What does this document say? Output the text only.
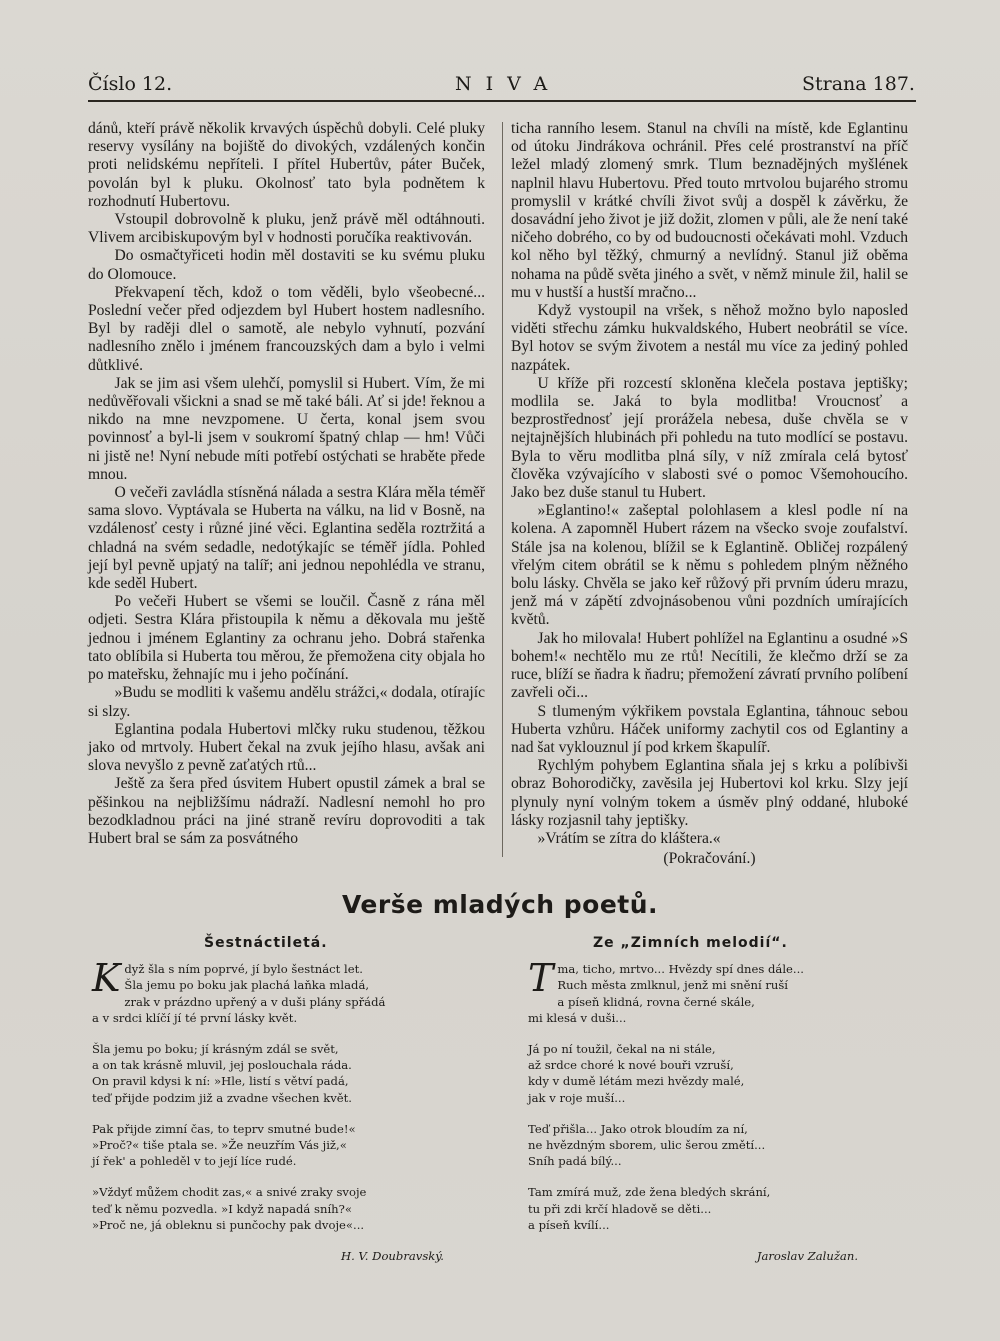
Číslo 12.	NIVA	Strana 187.

dánů, kteří právě několik krvavých úspěchů dobyli. Celé pluky reservy vysílány na bojiště do divokých, vzdálených končin proti nelidskému nepříteli. I přítel Hubertův, páter Buček, povolán byl k pluku. Okolnosť tato byla podnětem k rozhodnutí Hubertovu.

Vstoupil dobrovolně k pluku, jenž právě měl odtáhnouti. Vlivem arcibiskupovým byl v hodnosti poručíka reaktivován.

Do osmačtyřiceti hodin měl dostaviti se ku svému pluku do Olomouce.

Překvapení těch, kdož o tom věděli, bylo všeobecné... Poslední večer před odjezdem byl Hubert hostem nadlesního. Byl by raději dlel o samotě, ale nebylo vyhnutí, pozvání nadlesního znělo i jménem francouzských dam a bylo i velmi důtklivé.

Jak se jim asi všem ulehčí, pomyslil si Hubert. Vím, že mi nedůvěřovali všickni a snad se mě také báli. Ať si jde! řeknou a nikdo na mne nevzpomene. U čerta, konal jsem svou povinnosť a byl-li jsem v soukromí špatný chlap — hm! Vůči ni jistě ne! Nyní nebude míti potřebí ostýchati se hraběte přede mnou.

O večeři zavládla stísněná nálada a sestra Klára měla téměř sama slovo. Vyptávala se Huberta na válku, na lid v Bosně, na vzdálenosť cesty i různé jiné věci. Eglantina seděla roztržitá a chladná na svém sedadle, nedotýkajíc se téměř jídla. Pohled její byl pevně upjatý na talíř; ani jednou nepohlédla ve stranu, kde seděl Hubert.

Po večeři Hubert se všemi se loučil. Časně z rána měl odjeti. Sestra Klára přistoupila k němu a děkovala mu ještě jednou i jménem Eglantiny za ochranu jeho. Dobrá stařenka tato oblíbila si Huberta tou měrou, že přemožena city objala ho po mateřsku, žehnajíc mu i jeho počínání.

»Budu se modliti k vašemu andělu strážci,« dodala, otírajíc si slzy.

Eglantina podala Hubertovi mlčky ruku studenou, těžkou jako od mrtvoly. Hubert čekal na zvuk jejího hlasu, avšak ani slova nevyšlo z pevně zaťatých rtů...

Ještě za šera před úsvitem Hubert opustil zámek a bral se pěšinkou na nejbližšímu nádraží. Nadlesní nemohl ho pro bezodkladnou práci na jiné straně revíru doprovoditi a tak Hubert bral se sám za posvátného

ticha ranního lesem. Stanul na chvíli na místě, kde Eglantinu od útoku Jindrákova ochránil. Přes celé prostranství na příč ležel mladý zlomený smrk. Tlum beznadějných myšlének naplnil hlavu Hubertovu. Před touto mrtvolou bujarého stromu promyslil v krátké chvíli život svůj a dospěl k závěrku, že dosavádní jeho život je již dožit, zlomen v půli, ale že není také ničeho dobrého, co by od budoucnosti očekávati mohl. Vzduch kol něho byl těžký, chmurný a nevlídný. Stanul již oběma nohama na půdě světa jiného a svět, v němž minule žil, halil se mu v hustší a hustší mračno...

Když vystoupil na vršek, s něhož možno bylo naposled viděti střechu zámku hukvaldského, Hubert neobrátil se více. Byl hotov se svým životem a nestál mu více za jediný pohled nazpátek.

U kříže při rozcestí skloněna klečela postava jeptišky; modlila se. Jaká to byla modlitba! Vroucnosť a bezprostřednosť její prorážela nebesa, duše chvěla se v nejtajnějších hlubinách při pohledu na tuto modlící se postavu. Byla to věru modlitba plná síly, v níž zmírala celá bytosť člověka vzývajícího v slabosti své o pomoc Všemohoucího. Jako bez duše stanul tu Hubert.

»Eglantino!« zašeptal polohlasem a klesl podle ní na kolena. A zapomněl Hubert rázem na všecko svoje zoufalství. Stále jsa na kolenou, blížil se k Eglantině. Obličej rozpálený vřelým citem obrátil se k němu s pohledem plným něžného bolu lásky. Chvěla se jako keř růžový při prvním úderu mrazu, jenž má v zápětí zdvojnásobenou vůni pozdních umírajících květů.

Jak ho milovala! Hubert pohlížel na Eglantinu a osudné »S bohem!« nechtělo mu ze rtů! Necítili, že klečmo drží se za ruce, blíží se ňadra k ňadru; přemožení závratí prvního políbení zavřeli oči...

S tlumeným výkřikem povstala Eglantina, táhnouc sebou Huberta vzhůru. Háček uniformy zachytil cos od Eglantiny a nad šat vyklouznul jí pod krkem škapulíř.

Rychlým pohybem Eglantina sňala jej s krku a políbivši obraz Bohorodičky, zavěsila jej Hubertovi kol krku. Slzy její plynuly nyní volným tokem a úsměv plný oddané, hluboké lásky rozjasnil tahy jeptišky.

»Vrátím se zítra do kláštera.«

(Pokračování.)
Verše mladých poetů.
Šestnáctiletá.
K dyž šla s ním poprvé, jí bylo šestnáct let.
Šla jemu po boku jak plachá laňka mladá,
zrak v prázdno upřený a v duši plány spřádá
a v srdci klíčí jí té první lásky květ.
Šla jemu po boku; jí krásným zdál se svět,
a on tak krásně mluvil, jej poslouchala ráda.
On pravil kdysi k ní: »Hle, listí s větví padá,
teď přijde podzim již a zvadne všechen květ.
Pak přijde zimní čas, to teprv smutné bude!«
»Proč?« tiše ptala se. »Že neuzřím Vás již,«
jí řek' a pohleděl v to její líce rudé.
»Vždyť můžem chodit zas,« a snivé zraky svoje
teď k němu pozvedla. »I když napadá sníh?«
»Proč ne, já obleknu si punčochy pak dvoje«...
H. V. Doubravský.
Ze „Zimních melodií“.
T ma, ticho, mrtvo... Hvězdy spí dnes dále...
Ruch města zmlknul, jenž mi snění ruší
a píseň klidná, rovna černé skále,
mi klesá v duši...
Já po ní toužil, čekal na ni stále,
až srdce choré k nové bouři vzruší,
kdy v dumě létám mezi hvězdy malé,
jak v roje muší...
Teď přišla... Jako otrok bloudím za ní,
ne hvězdným sborem, ulic šerou změtí...
Sníh padá bílý...
Tam zmírá muž, zde žena bledých skrání,
tu při zdi krčí hladově se děti...
a píseň kvílí...
Jaroslav Zalužan.
